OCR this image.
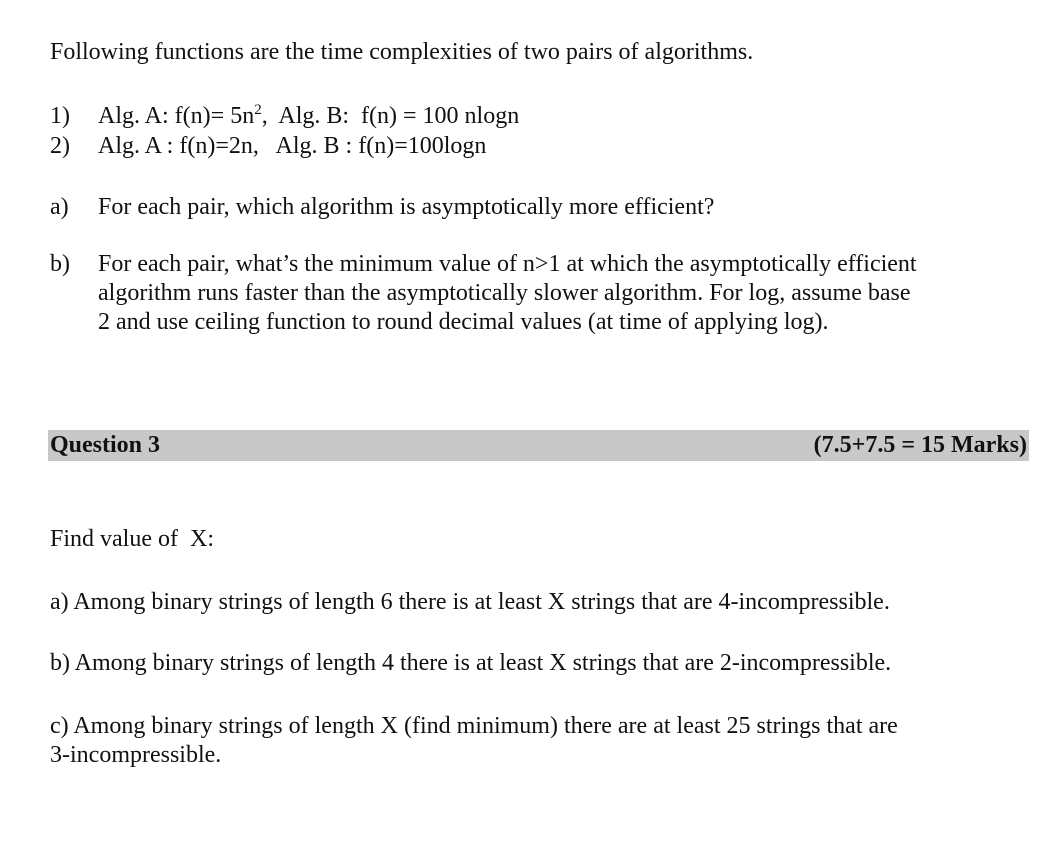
Following functions are the time complexities of two pairs of algorithms.
1) Alg. A: $f(n)= 5n^2$,  Alg. B:  f(n) = 100 nlogn
2) Alg. A : f(n)=2n,   Alg. B : f(n)=100logn
a) For each pair, which algorithm is asymptotically more efficient?
b) For each pair, what’s the minimum value of n>1 at which the asymptotically efficient
algorithm runs faster than the asymptotically slower algorithm. For log, assume base
2 and use ceiling function to round decimal values (at time of applying log).
Question 3	(7.5+7.5 = 15 Marks)
Find value of  X:
a) Among binary strings of length 6 there is at least X strings that are 4-incompressible.
b) Among binary strings of length 4 there is at least X strings that are 2-incompressible.
c) Among binary strings of length X (find minimum) there are at least 25 strings that are
3-incompressible.
